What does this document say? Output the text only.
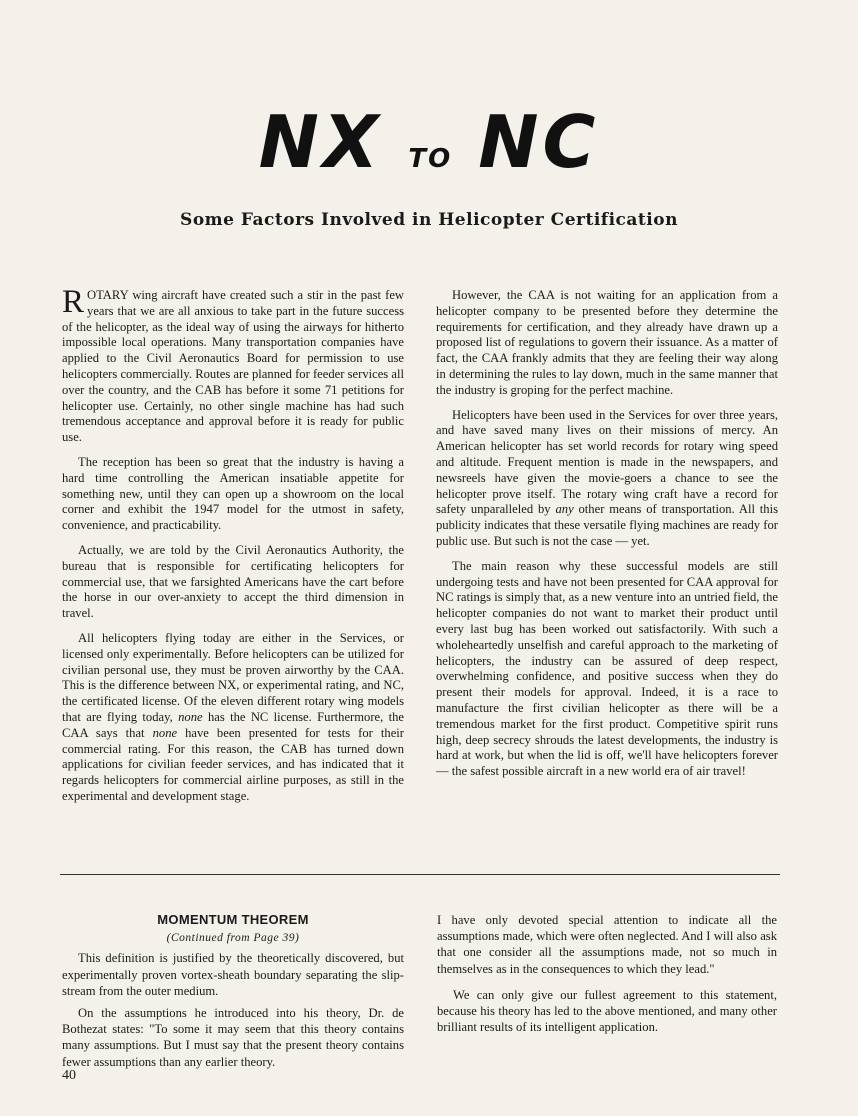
NX TO NC
Some Factors Involved in Helicopter Certification

ROTARY wing aircraft have created such a stir in the past few years that we are all anxious to take part in the future success of the helicopter, as the ideal way of using the airways for hitherto impossible local operations. Many transportation companies have applied to the Civil Aeronautics Board for permission to use helicopters commercially. Routes are planned for feeder services all over the country, and the CAB has before it some 71 petitions for helicopter use. Certainly, no other single machine has had such tremendous acceptance and approval before it is ready for public use.

The reception has been so great that the industry is having a hard time controlling the American insatiable appetite for something new, until they can open up a showroom on the local corner and exhibit the 1947 model for the utmost in safety, convenience, and practicability.

Actually, we are told by the Civil Aeronautics Authority, the bureau that is responsible for certificating helicopters for commercial use, that we farsighted Americans have the cart before the horse in our over-anxiety to accept the third dimension in travel.

All helicopters flying today are either in the Services, or licensed only experimentally. Before helicopters can be utilized for civilian personal use, they must be proven airworthy by the CAA. This is the difference between NX, or experimental rating, and NC, the certificated license. Of the eleven different rotary wing models that are flying today, none has the NC license. Furthermore, the CAA says that none have been presented for tests for their commercial rating. For this reason, the CAB has turned down applications for civilian feeder services, and has indicated that it regards helicopters for commercial airline purposes, as still in the experimental and development stage.

However, the CAA is not waiting for an application from a helicopter company to be presented before they determine the requirements for certification, and they already have drawn up a proposed list of regulations to govern their issuance. As a matter of fact, the CAA frankly admits that they are feeling their way along in determining the rules to lay down, much in the same manner that the industry is groping for the perfect machine.

Helicopters have been used in the Services for over three years, and have saved many lives on their missions of mercy. An American helicopter has set world records for rotary wing speed and altitude. Frequent mention is made in the newspapers, and newsreels have given the movie-goers a chance to see the helicopter prove itself. The rotary wing craft have a record for safety unparalleled by any other means of transportation. All this publicity indicates that these versatile flying machines are ready for public use. But such is not the case — yet.

The main reason why these successful models are still undergoing tests and have not been presented for CAA approval for NC ratings is simply that, as a new venture into an untried field, the helicopter companies do not want to market their product until every last bug has been worked out satisfactorily. With such a wholeheartedly unselfish and careful approach to the marketing of helicopters, the industry can be assured of deep respect, overwhelming confidence, and positive success when they do present their models for approval. Indeed, it is a race to manufacture the first civilian helicopter as there will be a tremendous market for the first product. Competitive spirit runs high, deep secrecy shrouds the latest developments, the industry is hard at work, but when the lid is off, we'll have helicopters forever — the safest possible aircraft in a new world era of air travel!

MOMENTUM THEOREM
(Continued from Page 39)

This definition is justified by the theoretically discovered, but experimentally proven vortex-sheath boundary separating the slip-stream from the outer medium.

On the assumptions he introduced into his theory, Dr. de Bothezat states: "To some it may seem that this theory contains many assumptions. But I must say that the present theory contains fewer assumptions than any earlier theory.

I have only devoted special attention to indicate all the assumptions made, which were often neglected. And I will also ask that one consider all the assumptions made, not so much in themselves as in the consequences to which they lead."

We can only give our fullest agreement to this statement, because his theory has led to the above mentioned, and many other brilliant results of its intelligent application.

40
